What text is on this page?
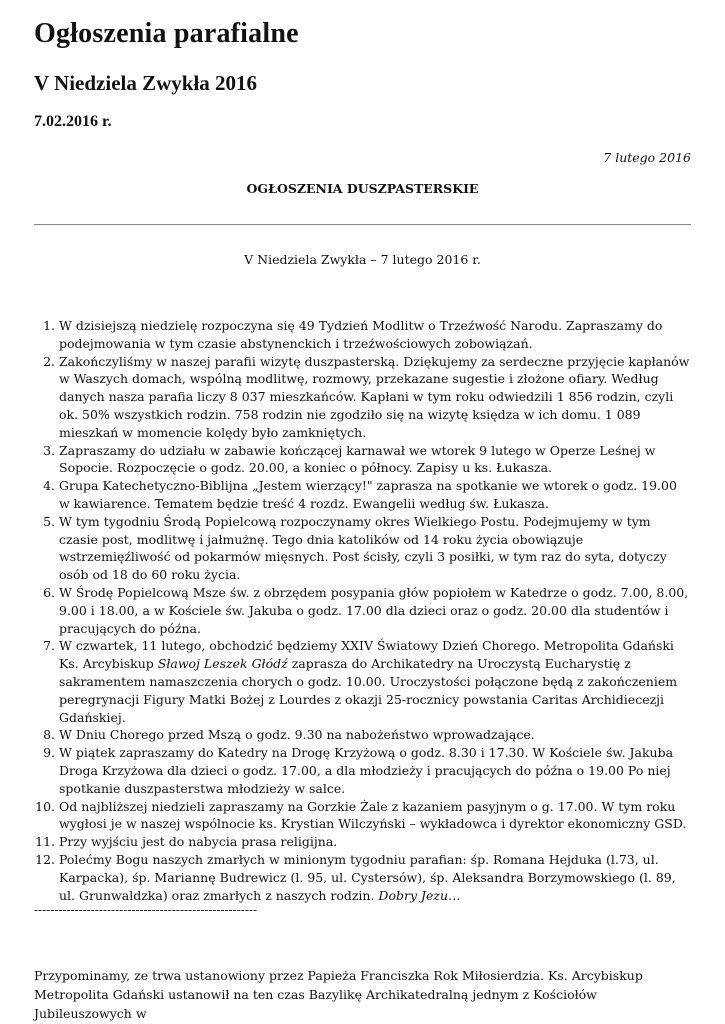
Ogłoszenia parafialne
V Niedziela Zwykła 2016
7.02.2016 r.
7 lutego 2016
OGŁOSZENIA DUSZPASTERSKIE
V Niedziela Zwykła – 7 lutego 2016 r.
1. W dzisiejszą niedzielę rozpoczyna się 49 Tydzień Modlitw o Trzeźwość Narodu. Zapraszamy do podejmowania w tym czasie abstynenckich i trzeźwościowych zobowiązań.
2. Zakończyliśmy w naszej parafii wizytę duszpasterską. Dziękujemy za serdeczne przyjęcie kapłanów w Waszych domach, wspólną modlitwę, rozmowy, przekazane sugestie i złożone ofiary. Według danych nasza parafia liczy 8 037 mieszkańców. Kapłani w tym roku odwiedzili 1 856 rodzin, czyli ok. 50% wszystkich rodzin. 758 rodzin nie zgodziło się na wizytę księdza w ich domu. 1 089 mieszkań w momencie kolędy było zamkniętych.
3. Zapraszamy do udziału w zabawie kończącej karnawał we wtorek 9 lutego w Operze Leśnej w Sopocie. Rozpoczęcie o godz. 20.00, a koniec o północy. Zapisy u ks. Łukasza.
4. Grupa Katechetyczno-Biblijna „Jestem wierzący!" zaprasza na spotkanie we wtorek o godz. 19.00 w kawiarence. Tematem będzie treść 4 rozdz. Ewangelii według św. Łukasza.
5. W tym tygodniu Środą Popielcową rozpoczynamy okres Wielkiego Postu. Podejmujemy w tym czasie post, modlitwę i jałmużnę. Tego dnia katolików od 14 roku życia obowiązuje wstrzemięźliwość od pokarmów mięsnych. Post ścisły, czyli 3 posiłki, w tym raz do syta, dotyczy osób od 18 do 60 roku życia.
6. W Środę Popielcową Msze św. z obrzędem posypania głów popiołem w Katedrze o godz. 7.00, 8.00, 9.00 i 18.00, a w Kościele św. Jakuba o godz. 17.00 dla dzieci oraz o godz. 20.00 dla studentów i pracujących do późna.
7. W czwartek, 11 lutego, obchodzić będziemy XXIV Światowy Dzień Chorego. Metropolita Gdański Ks. Arcybiskup Sławoj Leszek Głódź zaprasza do Archikatedry na Uroczystą Eucharystię z sakramentem namaszczenia chorych o godz. 10.00. Uroczystości połączone będą z zakończeniem peregrynacji Figury Matki Bożej z Lourdes z okazji 25-rocznicy powstania Caritas Archidiecezji Gdańskiej.
8. W Dniu Chorego przed Mszą o godz. 9.30 na nabożeństwo wprowadzające.
9. W piątek zapraszamy do Katedry na Drogę Krzyżową o godz. 8.30 i 17.30. W Kościele św. Jakuba Droga Krzyżowa dla dzieci o godz. 17.00, a dla młodzieży i pracujących do późna o 19.00 Po niej spotkanie duszpasterstwa młodzieży w salce.
10. Od najbliższej niedzieli zapraszamy na Gorzkie Żale z kazaniem pasyjnym o g. 17.00. W tym roku wygłosi je w naszej wspólnocie ks. Krystian Wilczyński – wykładowca i dyrektor ekonomiczny GSD.
11. Przy wyjściu jest do nabycia prasa religijna.
12. Polećmy Bogu naszych zmarłych w minionym tygodniu parafian: śp. Romana Hejduka (l.73, ul. Karpacka), śp. Mariannę Budrewicz (l. 95, ul. Cystersów), śp. Aleksandra Borzymowskiego (l. 89, ul. Grunwaldzka) oraz zmarłych z naszych rodzin. Dobry Jezu…
-------------------------------------------------------
Przypominamy, ze trwa ustanowiony przez Papieża Franciszka Rok Miłosierdzia. Ks. Arcybiskup Metropolita Gdański ustanowił na ten czas Bazylikę Archikatedralną jednym z Kościołów Jubileuszowych w
